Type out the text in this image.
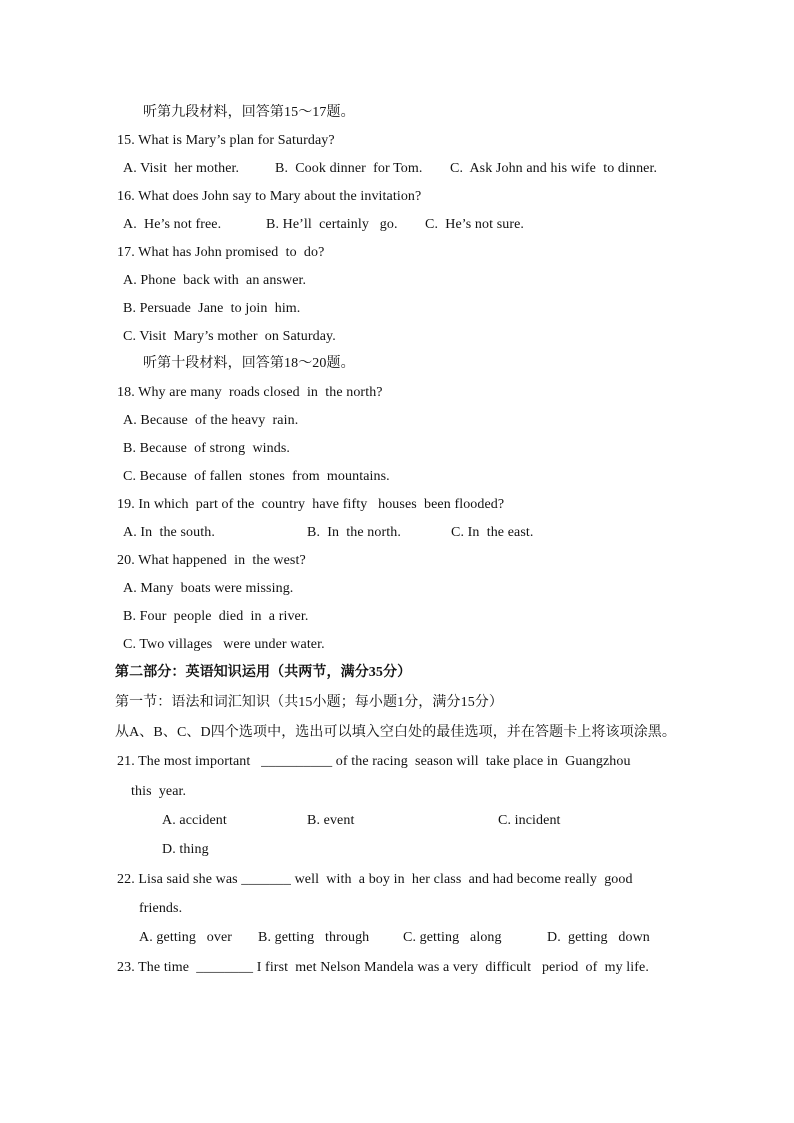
听第九段材料，回答第15～17题。
15. What is Mary’s plan for Saturday?
A. Visit  her mother.	B.  Cook dinner  for Tom. C.  Ask John and his wife  to dinner.
16. What does John say to Mary about the invitation?
A.  He’s not free.	B. He’ll  certainly   go. C.  He’s not sure.
17. What has John promised  to  do?
A. Phone  back with  an answer.
B. Persuade  Jane  to join  him.
C. Visit  Mary’s mother  on Saturday.
听第十段材料，回答第18～20题。
18. Why are many  roads closed  in  the north?
A. Because  of the heavy  rain.
B. Because  of strong  winds.
C. Because  of fallen  stones  from  mountains.
19. In which  part of the  country  have fifty   houses  been flooded?
A. In  the south.	B.  In  the north.	C. In  the east.
20. What happened  in  the west?
A. Many  boats were missing.
B. Four  people  died  in  a river.
C. Two villages   were under water.
第二部分：英语知识运用（共两节，满分35分）
第一节：语法和词汇知识（共15小题；每小题1分，满分15分）
从A、B、C、D四个选项中，选出可以填入空白处的最佳选项，并在答题卡上将该项涂黑。
21. The most important   __________ of the racing  season will  take place in  Guangzhou
this  year.
A. accident	B. event	C. incident
D. thing
22. Lisa said she was _______ well  with  a boy in  her class  and had become really  good
friends.
A. getting   over B. getting   through C. getting   along	D.  getting   down
23. The time  ________ I first  met Nelson Mandela was a very  difficult   period  of  my life.
